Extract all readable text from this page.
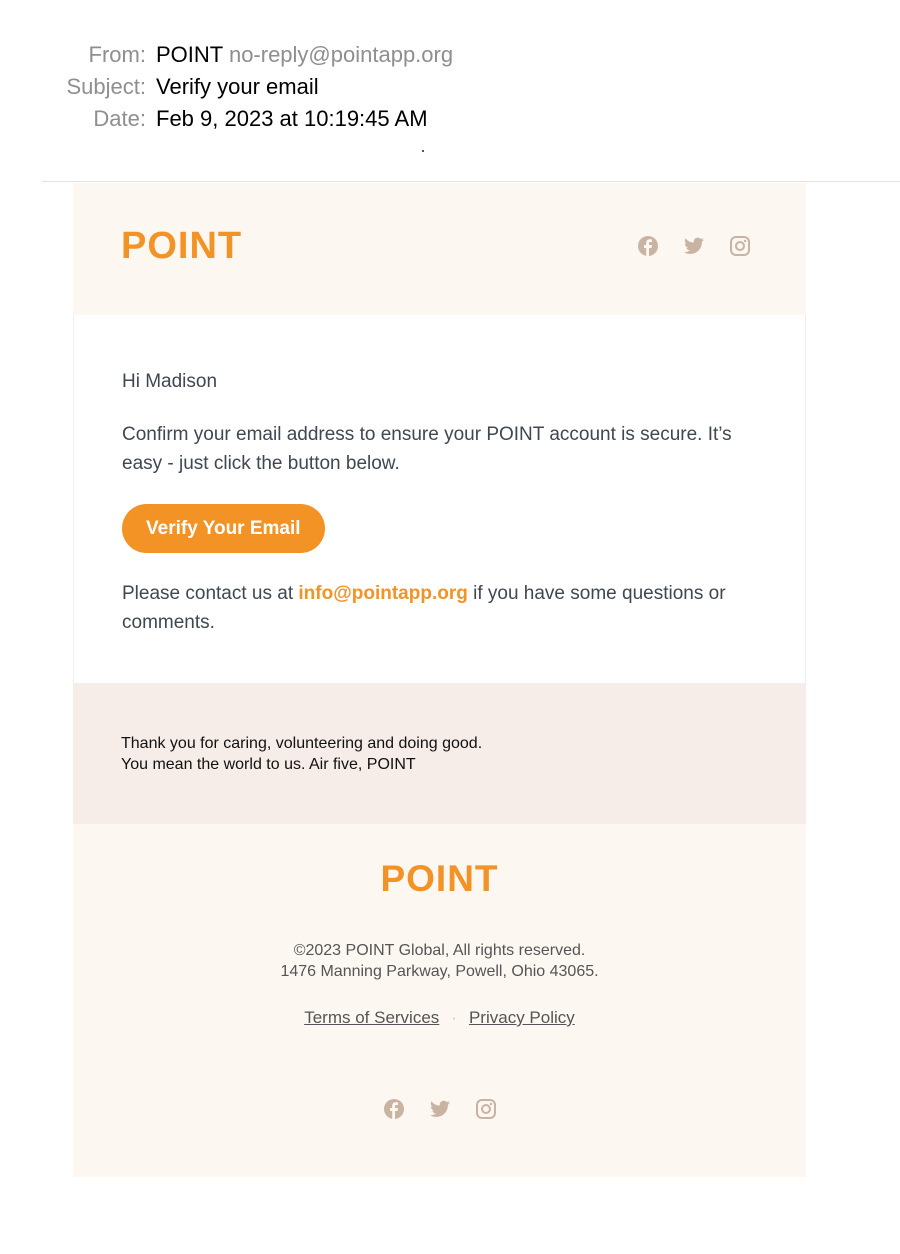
From: POINT no-reply@pointapp.org
Subject: Verify your email
Date: Feb 9, 2023 at 10:19:45 AM
POINT

Hi Madison

Confirm your email address to ensure your POINT account is secure. It’s easy - just click the button below.

Verify Your Email

Please contact us at info@pointapp.org if you have some questions or comments.

Thank you for caring, volunteering and doing good.
You mean the world to us. Air five, POINT
POINT
©2023 POINT Global, All rights reserved.
1476 Manning Parkway, Powell, Ohio 43065.
Terms of Services · Privacy Policy
